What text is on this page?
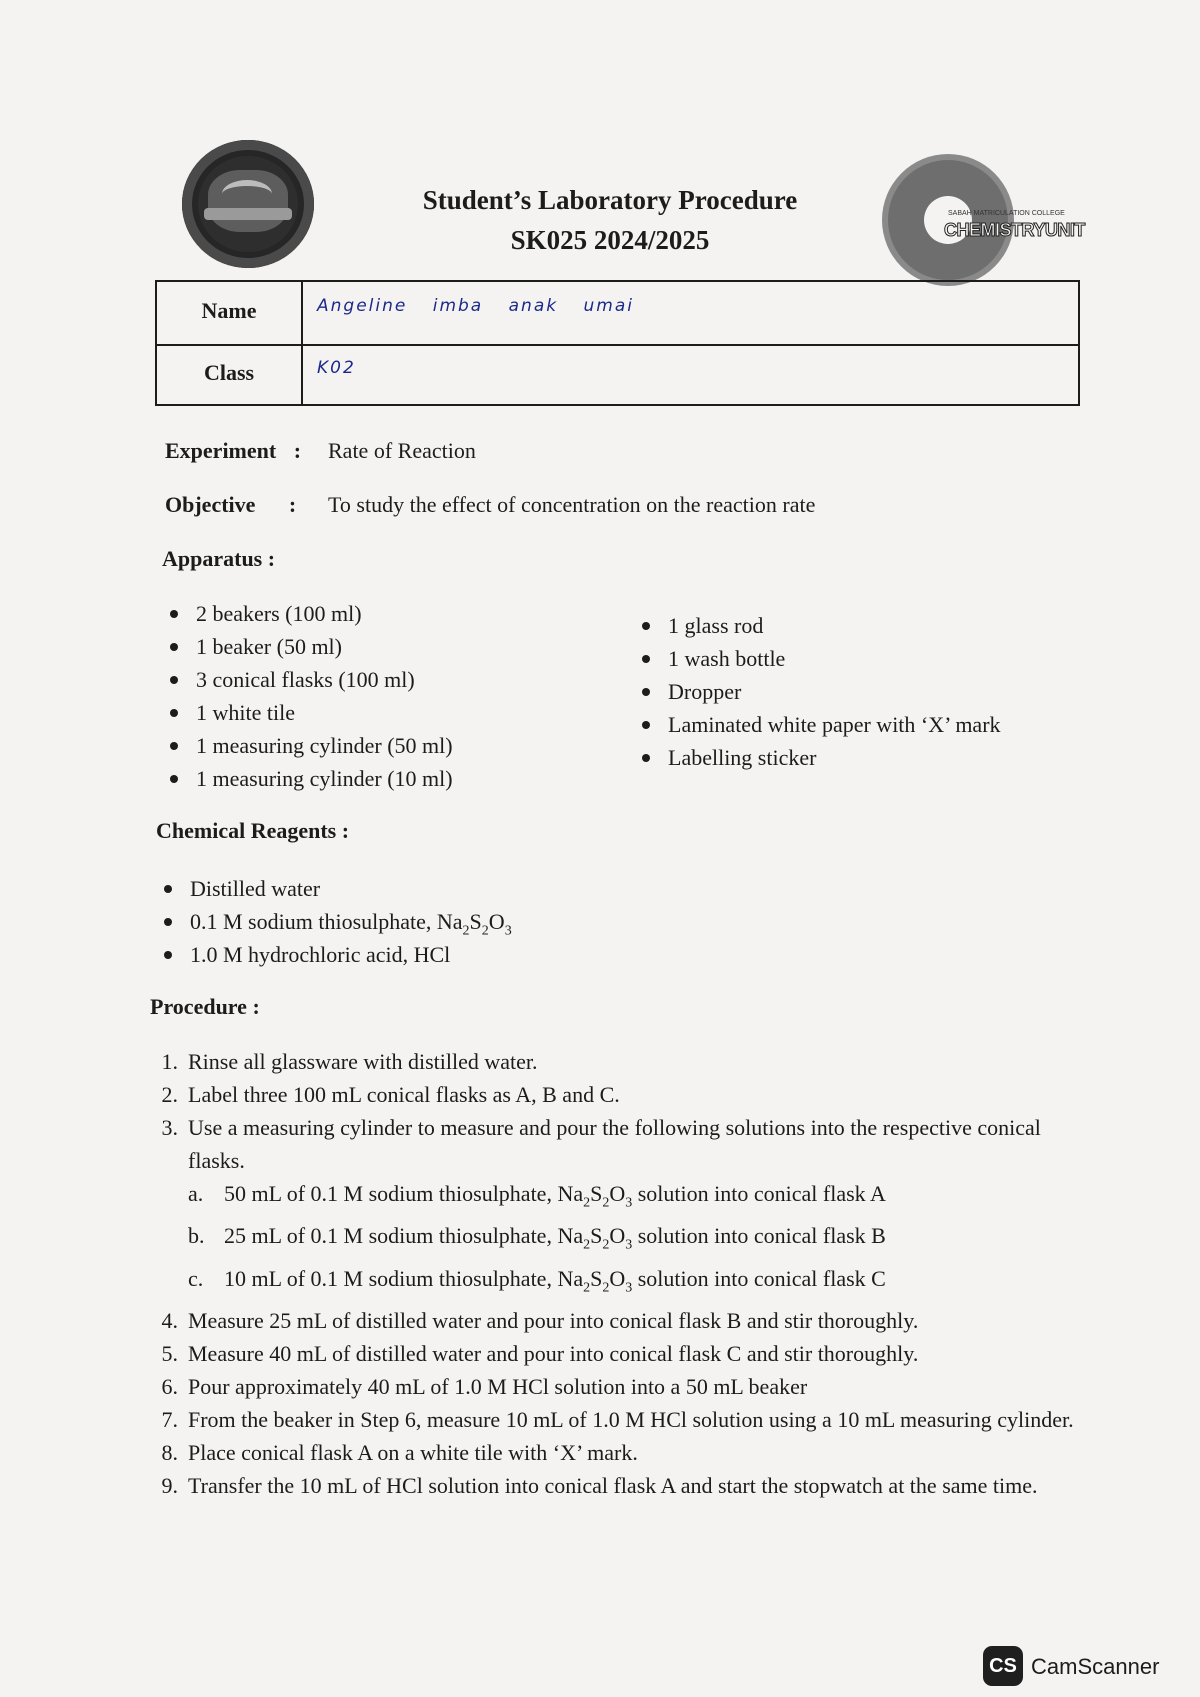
Student’s Laboratory Procedure
SK025 2024/2025
SABAH MATRICULATION COLLEGE
CHEMISTRYUNIT
Name	Angeline imba anak umai
Class	K02
Experiment : Rate of Reaction
Objective : To study the effect of concentration on the reaction rate
Apparatus :
2 beakers (100 ml)
1 beaker (50 ml)
3 conical flasks (100 ml)
1 white tile
1 measuring cylinder (50 ml)
1 measuring cylinder (10 ml)
1 glass rod
1 wash bottle
Dropper
Laminated white paper with ‘X’ mark
Labelling sticker
Chemical Reagents :
Distilled water
0.1 M sodium thiosulphate, $Na_2S_2O_3$
1.0 M hydrochloric acid, HCl
Procedure :
1. Rinse all glassware with distilled water.
2. Label three 100 mL conical flasks as A, B and C.
3. Use a measuring cylinder to measure and pour the following solutions into the respective conical flasks.
a. 50 mL of 0.1 M sodium thiosulphate, $Na_2S_2O_3$ solution into conical flask A
b. 25 mL of 0.1 M sodium thiosulphate, $Na_2S_2O_3$ solution into conical flask B
c. 10 mL of 0.1 M sodium thiosulphate, $Na_2S_2O_3$ solution into conical flask C
4. Measure 25 mL of distilled water and pour into conical flask B and stir thoroughly.
5. Measure 40 mL of distilled water and pour into conical flask C and stir thoroughly.
6. Pour approximately 40 mL of 1.0 M HCl solution into a 50 mL beaker
7. From the beaker in Step 6, measure 10 mL of 1.0 M HCl solution using a 10 mL measuring cylinder.
8. Place conical flask A on a white tile with ‘X’ mark.
9. Transfer the 10 mL of HCl solution into conical flask A and start the stopwatch at the same time.
CS CamScanner
